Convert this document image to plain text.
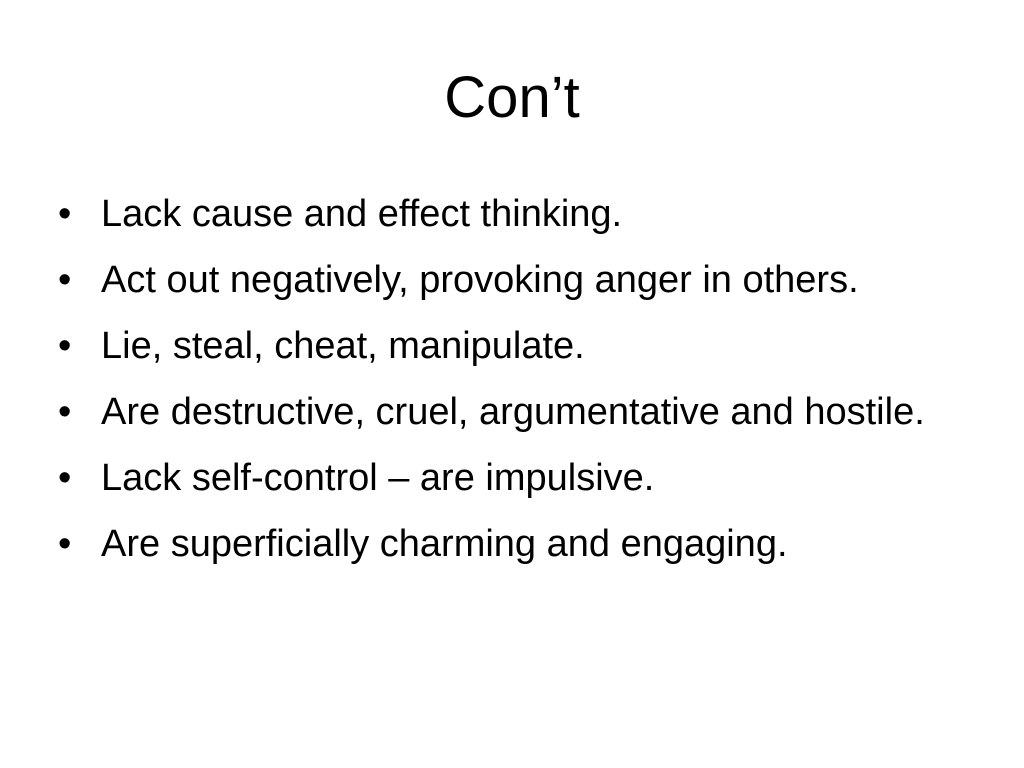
Con’t
• Lack cause and effect thinking.
• Act out negatively, provoking anger in others.
• Lie, steal, cheat, manipulate.
• Are destructive, cruel, argumentative and hostile.
• Lack self-control – are impulsive.
• Are superficially charming and engaging.
